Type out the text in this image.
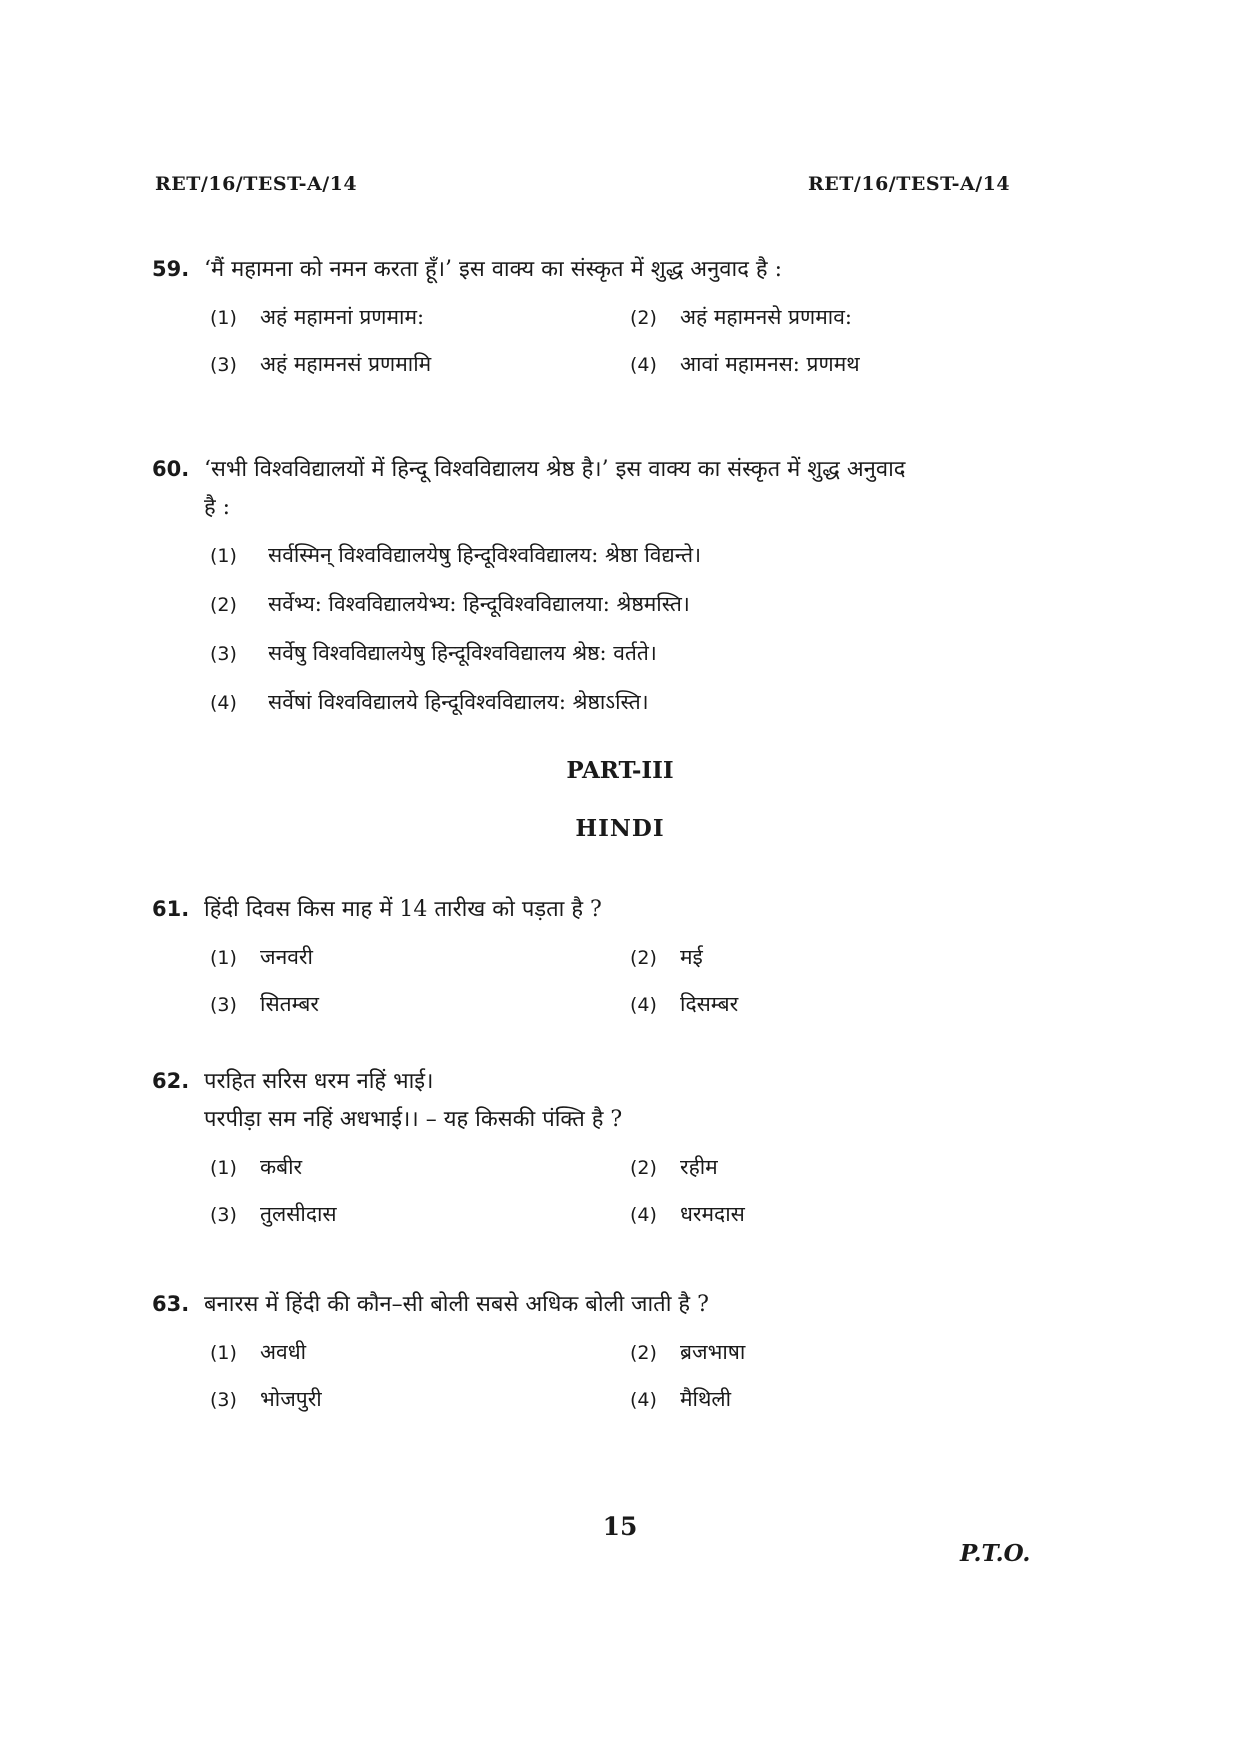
RET/16/TEST-A/14	RET/16/TEST-A/14
59. ‘मैं महामना को नमन करता हूँ।’ इस वाक्य का संस्कृत में शुद्ध अनुवाद है :
(1) अहं महामनां प्रणमाम:	(2) अहं महामनसे प्रणमाव:
(3) अहं महामनसं प्रणमामि	(4) आवां महामनस: प्रणमथ
60. ‘सभी विश्वविद्यालयों में हिन्दू विश्वविद्यालय श्रेष्ठ है।’ इस वाक्य का संस्कृत में शुद्ध अनुवाद
है :
(1) सर्वस्मिन् विश्वविद्यालयेषु हिन्दूविश्वविद्यालय: श्रेष्ठा विद्यन्ते।
(2) सर्वेभ्य: विश्वविद्यालयेभ्य: हिन्दूविश्वविद्यालया: श्रेष्ठमस्ति।
(3) सर्वेषु विश्वविद्यालयेषु हिन्दूविश्वविद्यालय श्रेष्ठ: वर्तते।
(4) सर्वेषां विश्वविद्यालये हिन्दूविश्वविद्यालय: श्रेष्ठाऽस्ति।
PART-III
HINDI
61. हिंदी दिवस किस माह में 14 तारीख को पड़ता है ?
(1) जनवरी	(2) मई
(3) सितम्बर	(4) दिसम्बर
62. परहित सरिस धरम नहिं भाई।
परपीड़ा सम नहिं अधभाई।। – यह किसकी पंक्ति है ?
(1) कबीर	(2) रहीम
(3) तुलसीदास	(4) धरमदास
63. बनारस में हिंदी की कौन–सी बोली सबसे अधिक बोली जाती है ?
(1) अवधी	(2) ब्रजभाषा
(3) भोजपुरी	(4) मैथिली
15
P.T.O.
